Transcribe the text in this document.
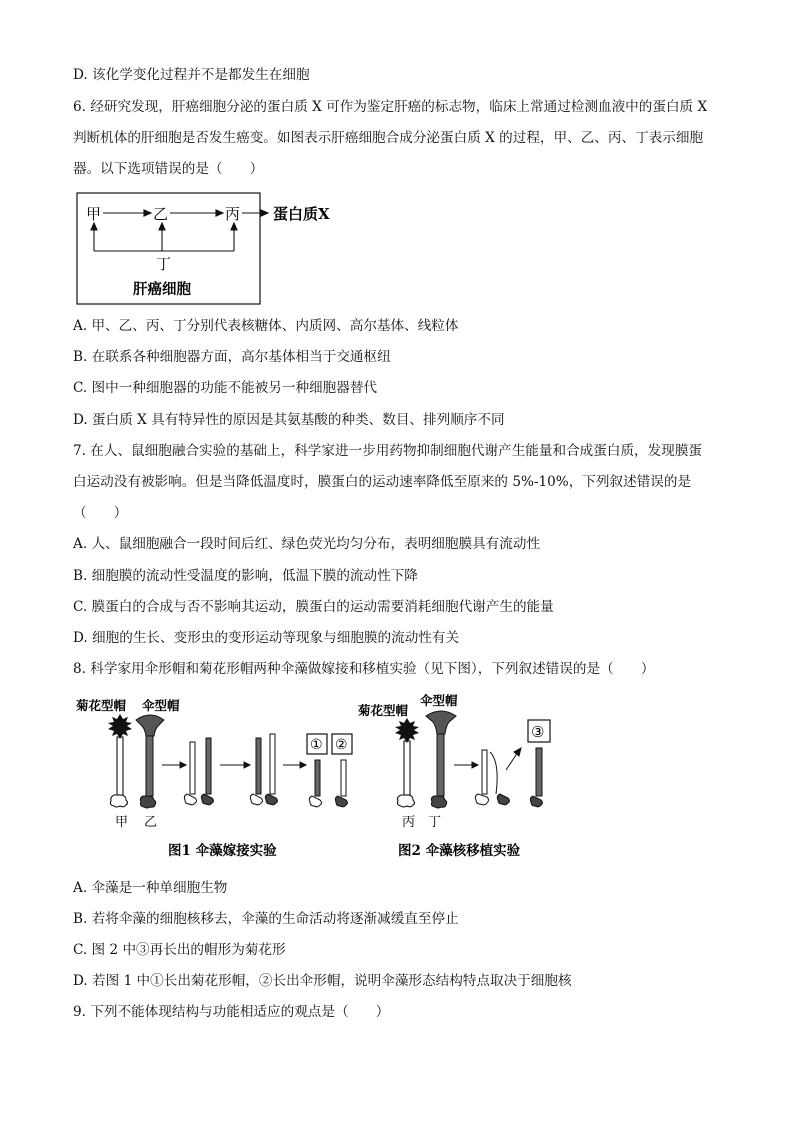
D. 该化学变化过程并不是都发生在细胞
6. 经研究发现，肝癌细胞分泌的蛋白质 X 可作为鉴定肝癌的标志物，临床上常通过检测血液中的蛋白质 X
判断机体的肝细胞是否发生癌变。如图表示肝癌细胞合成分泌蛋白质 X 的过程，甲、乙、丙、丁表示细胞
器。以下选项错误的是（　　）
甲	乙	丙 蛋白质X
丁
肝癌细胞
A. 甲、乙、丙、丁分别代表核糖体、内质网、高尔基体、线粒体
B. 在联系各种细胞器方面，高尔基体相当于交通枢纽
C. 图中一种细胞器的功能不能被另一种细胞器替代
D. 蛋白质 X 具有特异性的原因是其氨基酸的种类、数目、排列顺序不同
7. 在人、鼠细胞融合实验的基础上，科学家进一步用药物抑制细胞代谢产生能量和合成蛋白质，发现膜蛋
白运动没有被影响。但是当降低温度时，膜蛋白的运动速率降低至原来的 5%-10%，下列叙述错误的是
（　　）
A. 人、鼠细胞融合一段时间后红、绿色荧光均匀分布，表明细胞膜具有流动性
B. 细胞膜的流动性受温度的影响，低温下膜的流动性下降
C. 膜蛋白的合成与否不影响其运动，膜蛋白的运动需要消耗细胞代谢产生的能量
D. 细胞的生长、变形虫的变形运动等现象与细胞膜的流动性有关
8. 科学家用伞形帽和菊花形帽两种伞藻做嫁接和移植实验（见下图），下列叙述错误的是（　　）
菊花型帽 伞型帽
甲 乙
① ②
图1 伞藻嫁接实验
菊花型帽
伞型帽
丙 丁
③
图2 伞藻核移植实验
A. 伞藻是一种单细胞生物
B. 若将伞藻的细胞核移去，伞藻的生命活动将逐渐减缓直至停止
C. 图 2 中③再长出的帽形为菊花形
D. 若图 1 中①长出菊花形帽，②长出伞形帽，说明伞藻形态结构特点取决于细胞核
9. 下列不能体现结构与功能相适应的观点是（　　）
